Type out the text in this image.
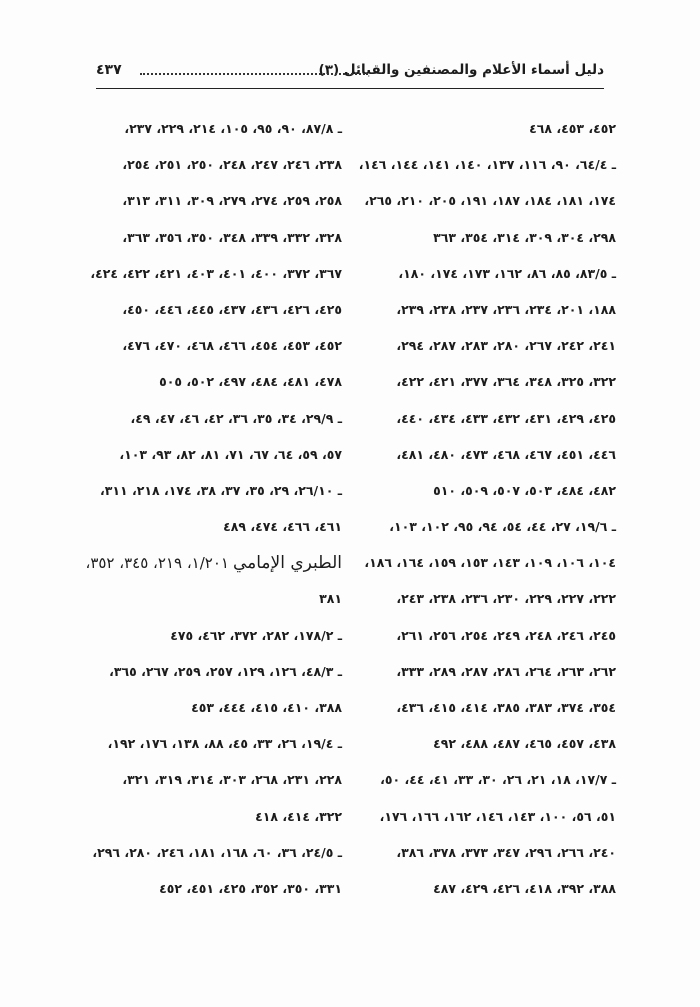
دليل أسماء الأعلام والمصنفين والقبائل (٣)
٤٣٧
٤٥٢، ٤٥٣، ٤٦٨
ـ ٦٤/٤، ٩٠، ١١٦، ١٣٧، ١٤٠، ١٤١، ١٤٤، ١٤٦،
١٧٤، ١٨١، ١٨٤، ١٨٧، ١٩١، ٢٠٥، ٢١٠، ٢٦٥،
٢٩٨، ٣٠٤، ٣٠٩، ٣١٤، ٣٥٤، ٣٦٣
ـ ٨٣/٥، ٨٥، ٨٦، ١٦٢، ١٧٣، ١٧٤، ١٨٠،
١٨٨، ٢٠١، ٢٣٤، ٢٣٦، ٢٣٧، ٢٣٨، ٢٣٩،
٢٤١، ٢٤٢، ٢٦٧، ٢٨٠، ٢٨٣، ٢٨٧، ٢٩٤،
٣٢٢، ٣٢٥، ٣٤٨، ٣٦٤، ٣٧٧، ٤٢١، ٤٢٢،
٤٢٥، ٤٢٩، ٤٣١، ٤٣٢، ٤٣٣، ٤٣٤، ٤٤٠،
٤٤٦، ٤٥١، ٤٦٧، ٤٦٨، ٤٧٣، ٤٨٠، ٤٨١،
٤٨٢، ٤٨٤، ٥٠٣، ٥٠٧، ٥٠٩، ٥١٠
ـ ١٩/٦، ٢٧، ٤٤، ٥٤، ٩٤، ٩٥، ١٠٢، ١٠٣،
١٠٤، ١٠٦، ١٠٩، ١٤٣، ١٥٣، ١٥٩، ١٦٤، ١٨٦،
٢٢٢، ٢٢٧، ٢٢٩، ٢٣٠، ٢٣٦، ٢٣٨، ٢٤٣،
٢٤٥، ٢٤٦، ٢٤٨، ٢٤٩، ٢٥٤، ٢٥٦، ٢٦١،
٢٦٢، ٢٦٣، ٢٦٤، ٢٨٦، ٢٨٧، ٢٨٩، ٣٣٣،
٣٥٤، ٣٧٤، ٣٨٣، ٣٨٥، ٤١٤، ٤١٥، ٤٣٦،
٤٣٨، ٤٥٧، ٤٦٥، ٤٨٧، ٤٨٨، ٤٩٢
ـ ١٧/٧، ١٨، ٢١، ٢٦، ٣٠، ٣٣، ٤١، ٤٤، ٥٠،
٥١، ٥٦، ١٠٠، ١٤٣، ١٤٦، ١٦٢، ١٦٦، ١٧٦،
٢٤٠، ٢٦٦، ٢٩٦، ٣٤٧، ٣٧٣، ٣٧٨، ٣٨٦،
٣٨٨، ٣٩٢، ٤١٨، ٤٢٦، ٤٢٩، ٤٨٧
ـ ٨٧/٨، ٩٠، ٩٥، ١٠٥، ٢١٤، ٢٢٩، ٢٣٧،
٢٣٨، ٢٤٦، ٢٤٧، ٢٤٨، ٢٥٠، ٢٥١، ٢٥٤،
٢٥٨، ٢٥٩، ٢٧٤، ٢٧٩، ٣٠٩، ٣١١، ٣١٣،
٣٢٨، ٣٣٢، ٣٣٩، ٣٤٨، ٣٥٠، ٣٥٦، ٣٦٣،
٣٦٧، ٣٧٢، ٤٠٠، ٤٠١، ٤٠٣، ٤٢١، ٤٢٢، ٤٢٤،
٤٢٥، ٤٢٦، ٤٣٦، ٤٣٧، ٤٤٥، ٤٤٦، ٤٥٠،
٤٥٢، ٤٥٣، ٤٥٤، ٤٦٦، ٤٦٨، ٤٧٠، ٤٧٦،
٤٧٨، ٤٨١، ٤٨٤، ٤٩٧، ٥٠٢، ٥٠٥
ـ ٢٩/٩، ٣٤، ٣٥، ٣٦، ٤٢، ٤٦، ٤٧، ٤٩،
٥٧، ٥٩، ٦٤، ٦٧، ٧١، ٨١، ٨٢، ٩٣، ١٠٣،
ـ ٢٦/١٠، ٢٩، ٣٥، ٣٧، ٣٨، ١٧٤، ٢١٨، ٣١١،
٤٦١، ٤٦٦، ٤٧٤، ٤٨٩
الطبري الإمامي١/٢٠١، ٢١٩، ٣٤٥، ٣٥٢،
٣٨١
ـ ١٧٨/٢، ٢٨٢، ٣٧٢، ٤٦٢، ٤٧٥
ـ ٤٨/٣، ١٢٦، ١٢٩، ٢٥٧، ٢٥٩، ٢٦٧، ٣٦٥،
٣٨٨، ٤١٠، ٤١٥، ٤٤٤، ٤٥٣
ـ ١٩/٤، ٢٦، ٣٣، ٤٥، ٨٨، ١٣٨، ١٧٦، ١٩٢،
٢٢٨، ٢٣١، ٢٦٨، ٣٠٣، ٣١٤، ٣١٩، ٣٢١،
٣٢٢، ٤١٤، ٤١٨
ـ ٢٤/٥، ٣٦، ٦٠، ١٦٨، ١٨١، ٢٤٦، ٢٨٠، ٢٩٦،
٣٣١، ٣٥٠، ٣٥٢، ٤٢٥، ٤٥١، ٤٥٢
